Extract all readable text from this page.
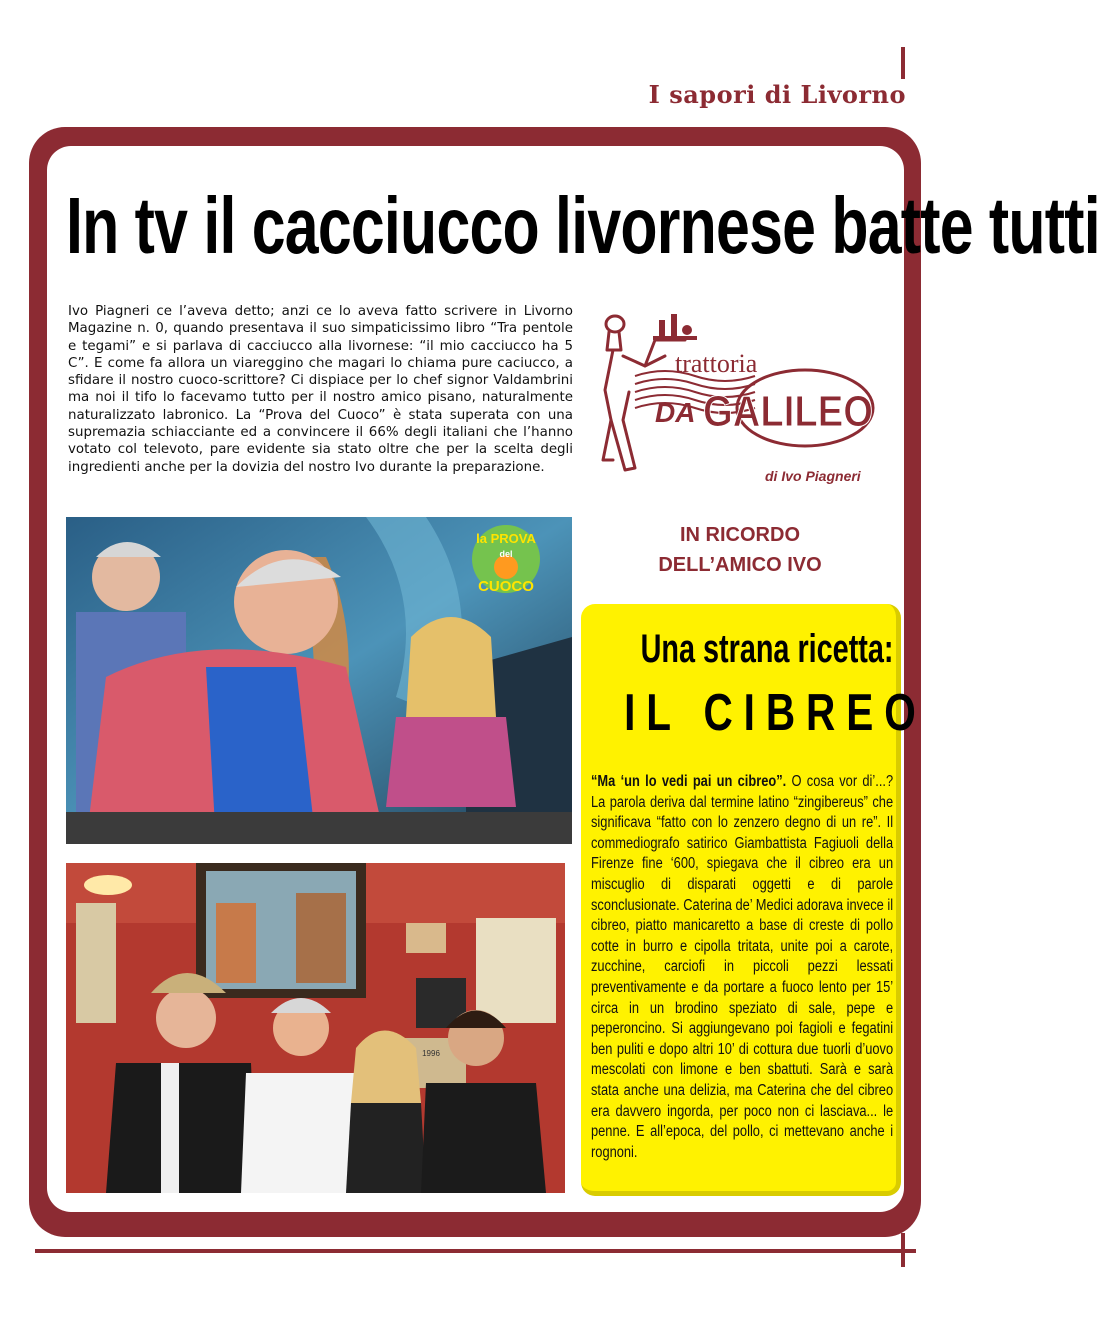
I sapori di Livorno
In tv il cacciucco livornese batte tutti

Ivo Piagneri ce l’aveva detto; anzi ce lo aveva fatto scrivere in Livorno Magazine n. 0, quando presentava il suo simpaticissimo libro “Tra pentole e tegami” e si parlava di cacciucco alla livornese: “il mio cacciucco ha 5 C”. E come fa allora un viareggino che magari lo chiama pure caciucco, a sfidare il nostro cuoco-scrittore? Ci dispiace per lo chef signor Valdambrini ma noi il tifo lo facevamo tutto per il nostro amico pisano, naturalmente naturalizzato labronico. La “Prova del Cuoco” è stata superata con una supremazia schiacciante ed a convincere il 66% degli italiani che l’hanno votato col televoto, pare evidente sia stato oltre che per la scelta degli ingredienti anche per la dovizia del nostro Ivo durante la preparazione.

trattoria
DA GALILEO
di Ivo Piagneri
IN RICORDO
DELL’AMICO IVO
la PROVA
del
CUOCO
1996
Una strana ricetta:
IL CIBREO
“Ma ‘un lo vedi pai un cibreo”. O cosa vor di’...? La parola deriva dal termine latino “zingibereus” che significava “fatto con lo zenzero degno di un re”. Il commediografo satirico Giambattista Fagiuoli della Firenze fine ‘600, spiegava che il cibreo era un miscuglio di disparati oggetti e di parole sconclusionate. Caterina de’ Medici adorava invece il cibreo, piatto manicaretto a base di creste di pollo cotte in burro e cipolla tritata, unite poi a carote, zucchine, carciofi in piccoli pezzi lessati preventivamente e da portare a fuoco lento per 15’ circa in un brodino speziato di sale, pepe e peperoncino. Si aggiungevano poi fagioli e fegatini ben puliti e dopo altri 10’ di cottura due tuorli d’uovo mescolati con limone e ben sbattuti. Sarà e sarà stata anche una delizia, ma Caterina che del cibreo era davvero ingorda, per poco non ci lasciava... le penne. E all’epoca, del pollo, ci mettevano anche i rognoni.
